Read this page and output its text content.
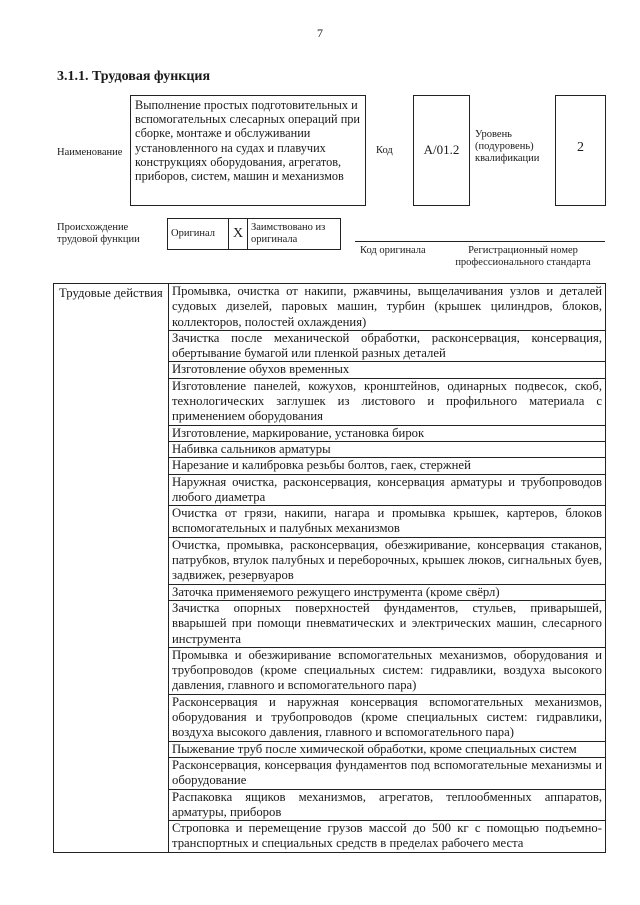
7
3.1.1. Трудовая функция
Наименование
Выполнение простых подготовительных и вспомогательных слесарных операций при сборке, монтаже и обслуживании установленного на судах и плавучих конструкциях оборудования, агрегатов, приборов, систем, машин и механизмов
Код	A/01.2
Уровень (подуровень) квалификации
2
Происхождение трудовой функции
Оригинал	X	Заимствовано из оригинала
Код оригинала	Регистрационный номер профессионального стандарта
Трудовые действия	Промывка, очистка от накипи, ржавчины, выщелачивания узлов и деталей судовых дизелей, паровых машин, турбин (крышек цилиндров, блоков, коллекторов, полостей охлаждения)
Зачистка после механической обработки, расконсервация, консервация, обертывание бумагой или пленкой разных деталей
Изготовление обухов временных
Изготовление панелей, кожухов, кронштейнов, одинарных подвесок, скоб, технологических заглушек из листового и профильного материала с применением оборудования
Изготовление, маркирование, установка бирок
Набивка сальников арматуры
Нарезание и калибровка резьбы болтов, гаек, стержней
Наружная очистка, расконсервация, консервация арматуры и трубопроводов любого диаметра
Очистка от грязи, накипи, нагара и промывка крышек, картеров, блоков вспомогательных и палубных механизмов
Очистка, промывка, расконсервация, обезжиривание, консервация стаканов, патрубков, втулок палубных и переборочных, крышек люков, сигнальных буев, задвижек, резервуаров
Заточка применяемого режущего инструмента (кроме свёрл)
Зачистка опорных поверхностей фундаментов, стульев, приварышей, вварышей при помощи пневматических и электрических машин, слесарного инструмента
Промывка и обезжиривание вспомогательных механизмов, оборудования и трубопроводов (кроме специальных систем: гидравлики, воздуха высокого давления, главного и вспомогательного пара)
Расконсервация и наружная консервация вспомогательных механизмов, оборудования и трубопроводов (кроме специальных систем: гидравлики, воздуха высокого давления, главного и вспомогательного пара)
Пыжевание труб после химической обработки, кроме специальных систем
Расконсервация, консервация фундаментов под вспомогательные механизмы и оборудование
Распаковка ящиков механизмов, агрегатов, теплообменных аппаратов, арматуры, приборов
Строповка и перемещение грузов массой до 500 кг с помощью подъемно-транспортных и специальных средств в пределах рабочего места
